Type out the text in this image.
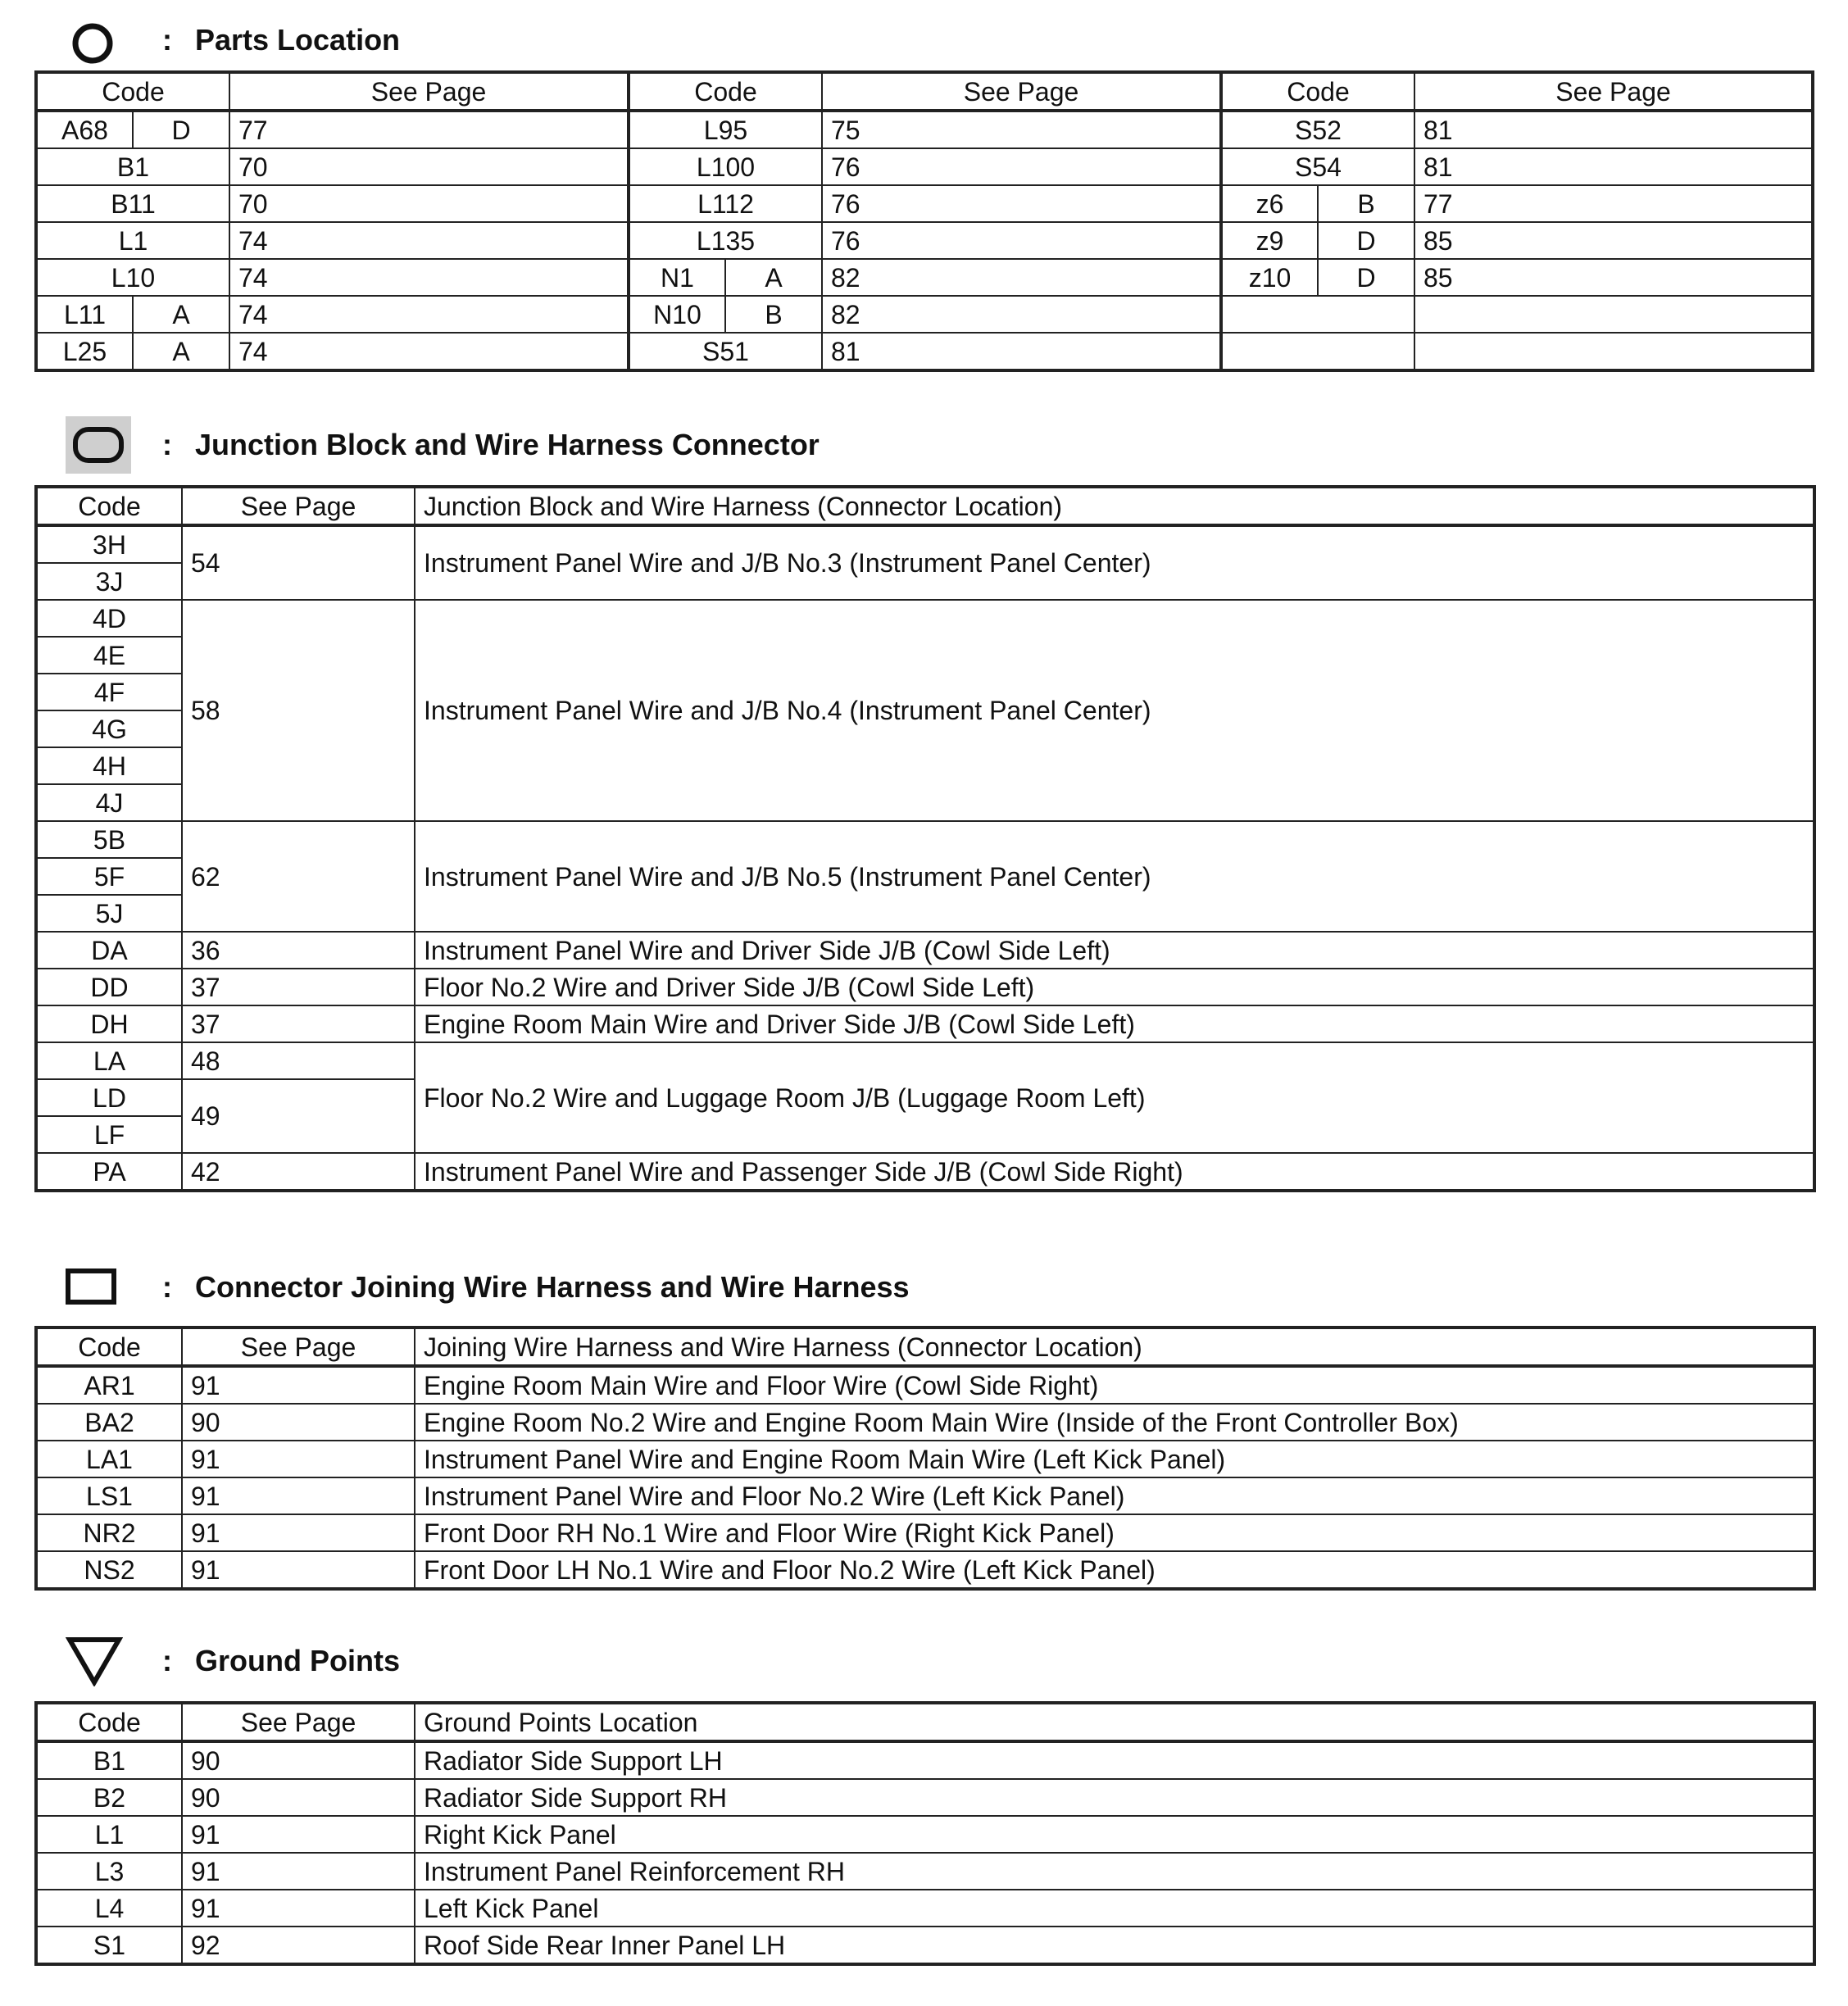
: Parts Location
Code		See Page	Code		See Page	Code		See Page
A68	D	77	L95		75	S52		81
B1		70	L100		76	S54		81
B11		70	L112		76	z6	B	77
L1		74	L135		76	z9	D	85
L10		74	N1	A	82	z10	D	85
L11	A	74	N10	B	82			
L25	A	74	S51		81			
: Junction Block and Wire Harness Connector
Code	See Page	Junction Block and Wire Harness (Connector Location)
3H	54	Instrument Panel Wire and J/B No.3 (Instrument Panel Center)
3J		
4D	58	Instrument Panel Wire and J/B No.4 (Instrument Panel Center)
4E		
4F		
4G		
4H		
4J		
5B	62	Instrument Panel Wire and J/B No.5 (Instrument Panel Center)
5F		
5J		
DA	36	Instrument Panel Wire and Driver Side J/B (Cowl Side Left)
DD	37	Floor No.2 Wire and Driver Side J/B (Cowl Side Left)
DH	37	Engine Room Main Wire and Driver Side J/B (Cowl Side Left)
LA	48	Floor No.2 Wire and Luggage Room J/B (Luggage Room Left)
LD	49	
LF		
PA	42	Instrument Panel Wire and Passenger Side J/B (Cowl Side Right)
: Connector Joining Wire Harness and Wire Harness
Code	See Page	Joining Wire Harness and Wire Harness (Connector Location)
AR1	91	Engine Room Main Wire and Floor Wire (Cowl Side Right)
BA2	90	Engine Room No.2 Wire and Engine Room Main Wire (Inside of the Front Controller Box)
LA1	91	Instrument Panel Wire and Engine Room Main Wire (Left Kick Panel)
LS1	91	Instrument Panel Wire and Floor No.2 Wire (Left Kick Panel)
NR2	91	Front Door RH No.1 Wire and Floor Wire (Right Kick Panel)
NS2	91	Front Door LH No.1 Wire and Floor No.2 Wire (Left Kick Panel)
: Ground Points
Code	See Page	Ground Points Location
B1	90	Radiator Side Support LH
B2	90	Radiator Side Support RH
L1	91	Right Kick Panel
L3	91	Instrument Panel Reinforcement RH
L4	91	Left Kick Panel
S1	92	Roof Side Rear Inner Panel LH
